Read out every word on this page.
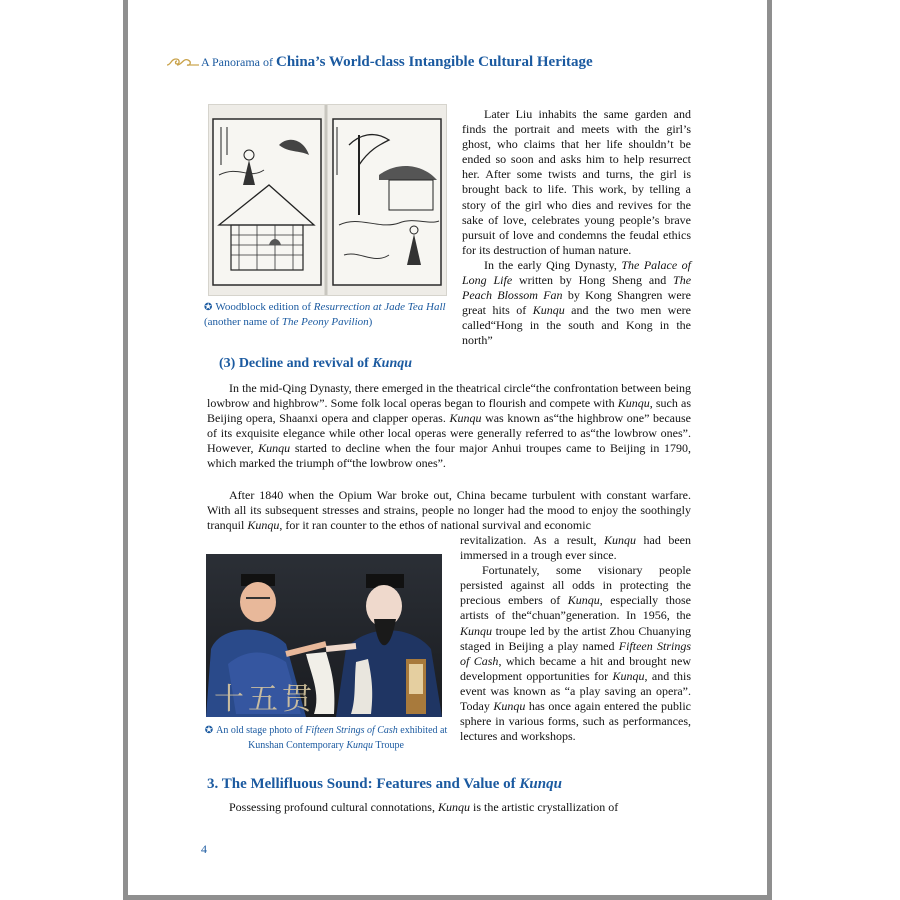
A Panorama of China’s World-class Intangible Cultural Heritage
✪ Woodblock edition of Resurrection at Jade Tea Hall (another name of The Peony Pavilion)

Later Liu inhabits the same garden and finds the portrait and meets with the girl’s ghost, who claims that her life shouldn’t be ended so soon and asks him to help resurrect her. After some twists and turns, the girl is brought back to life. This work, by telling a story of the girl who dies and revives for the sake of love, celebrates young people’s brave pursuit of love and condemns the feudal ethics for its destruction of human nature.

In the early Qing Dynasty, The Palace of Long Life written by Hong Sheng and The Peach Blossom Fan by Kong Shangren were great hits of Kunqu and the two men were called“Hong in the south and Kong in the north”

(3) Decline and revival of Kunqu

In the mid-Qing Dynasty, there emerged in the theatrical circle“the confrontation between being lowbrow and highbrow”. Some folk local operas began to flourish and compete with Kunqu, such as Beijing opera, Shaanxi opera and clapper operas. Kunqu was known as“the highbrow one” because of its exquisite elegance while other local operas were generally referred to as“the lowbrow ones”. However, Kunqu started to decline when the four major Anhui troupes came to Beijing in 1790, which marked the triumph of“the lowbrow ones”.

After 1840 when the Opium War broke out, China became turbulent with constant warfare. With all its subsequent stresses and strains, people no longer had the mood to enjoy the soothingly tranquil Kunqu, for it ran counter to the ethos of national survival and economic

十五贯
✪ An old stage photo of Fifteen Strings of Cash exhibited at Kunshan Contemporary Kunqu Troupe

revitalization. As a result, Kunqu had been immersed in a trough ever since.

Fortunately, some visionary people persisted against all odds in protecting the precious embers of Kunqu, especially those artists of the“chuan”generation. In 1956, the Kunqu troupe led by the artist Zhou Chuanying staged in Beijing a play named Fifteen Strings of Cash, which became a hit and brought new development opportunities for Kunqu, and this event was known as “a play saving an opera”. Today Kunqu has once again entered the public sphere in various forms, such as performances, lectures and workshops.

3. The Mellifluous Sound: Features and Value of Kunqu

Possessing profound cultural connotations, Kunqu is the artistic crystallization of

4
